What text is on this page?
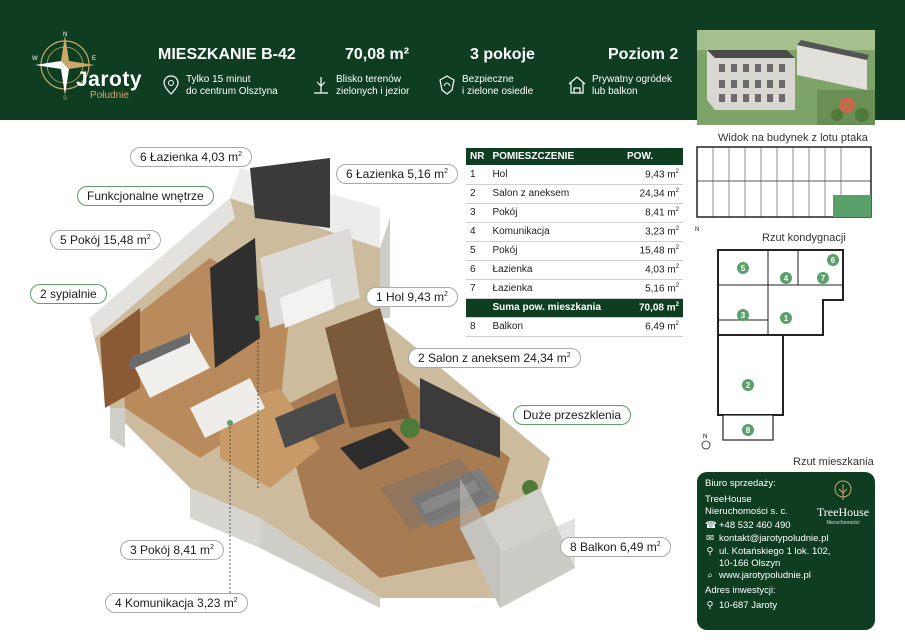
N
E
S
W
Jaroty
Południe
MIESZKANIE B-42	70,08 m²	3 pokoje	Poziom 2
Tylko 15 minut
do centrum Olsztyna
Blisko terenów
zielonych i jezior
Bezpieczne
i zielone osiedle
Prywatny ogródek
lub balkon
Widok na budynek z lotu ptaka
6 Łazienka 4,03 $m^2$
6 Łazienka 5,16 $m^2$
Funkcjonalne wnętrze
5 Pokój 15,48 $m^2$
2 sypialnie	1 Hol 9,43 $m^2$
2 Salon z aneksem 24,34 $m^2$
Duże przeszklenia
3 Pokój 8,41 $m^2$	8 Balkon 6,49 $m^2$
4 Komunikacja 3,23 $m^2$
NR	POMIESZCZENIE	POW.
1	Hol	9,43 $m^2$
2	Salon z aneksem	24,34 $m^2$
3	Pokój	8,41 $m^2$
4	Komunikacja	3,23 $m^2$
5	Pokój	15,48 $m^2$
6	Łazienka	4,03 $m^2$
7	Łazienka	5,16 $m^2$
	Suma pow. mieszkania	70,08 $m^2$
8	Balkon	6,49 $m^2$
N
Rzut kondygnacji
5
6
4	7
3	1
2
8
N
Rzut mieszkania
Biuro sprzedaży:
TreeHouse
Nieruchomości s. c.
☎ +48 532 460 490
✉ kontakt@jarotypoludnie.pl
⚲ ul. Kotańskiego 1 lok. 102,
10-166 Olszyn
⌕ www.jarotypoludnie.pl
Adres inwestycji:
⚲ 10-687 Jaroty
TreeHouse
Nieruchomości
